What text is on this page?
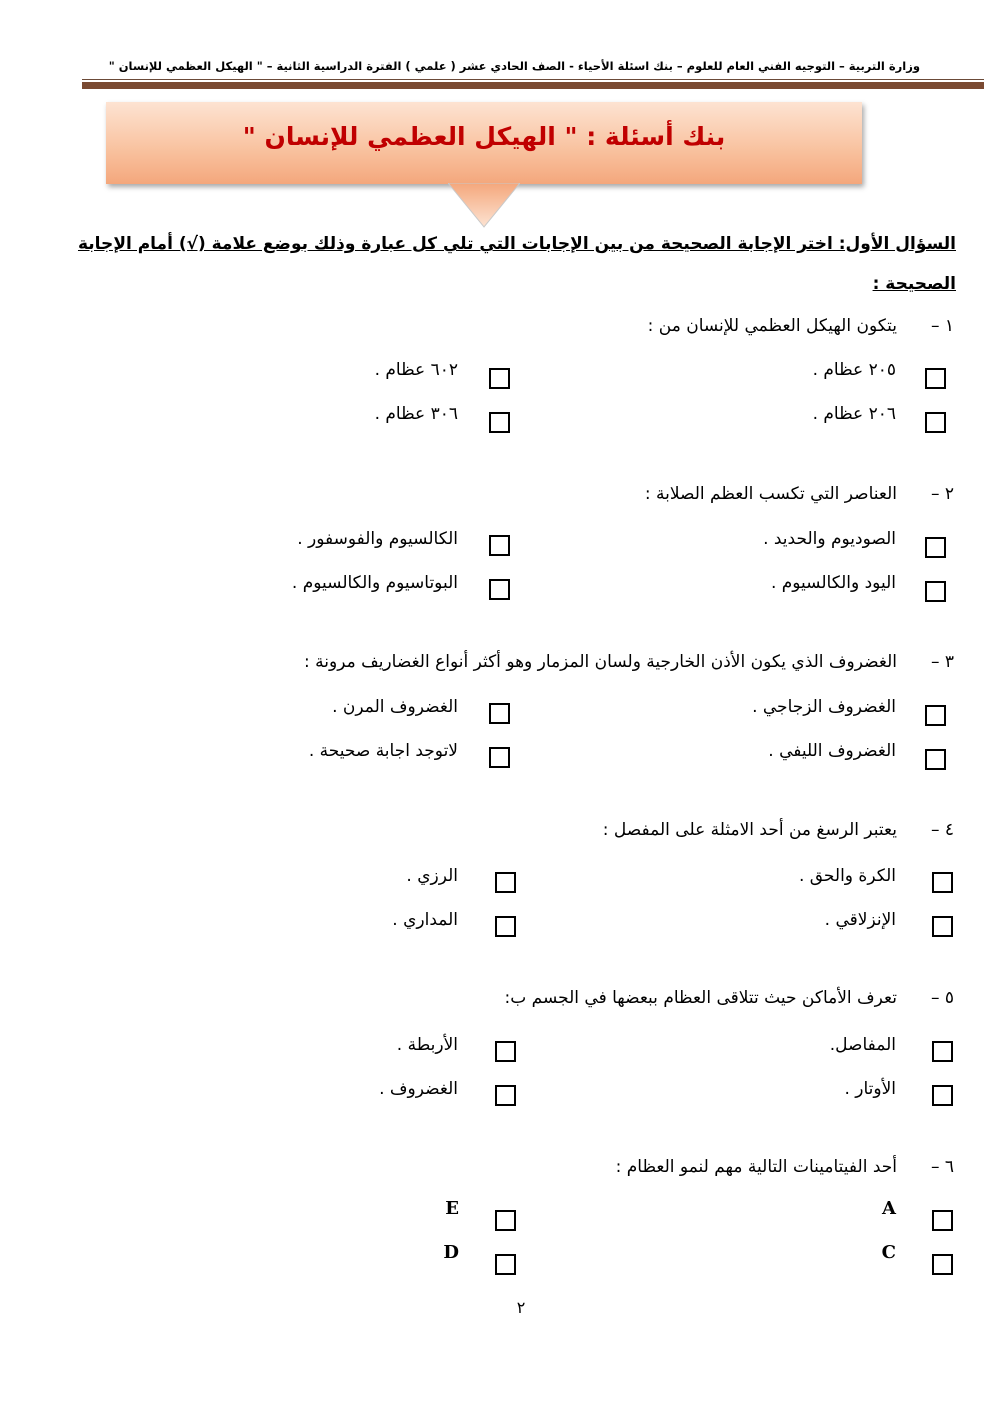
وزارة التربية – التوجيه الفني العام للعلوم – بنك اسئلة الأحياء - الصف الحادي عشر ( علمي ) الفترة الدراسية الثانية – " الهيكل العظمي للإنسان "
بنك أسئلة : " الهيكل العظمي للإنسان "
السؤال الأول: اختر الإجابة الصحيحة من بين الإجابات التي تلي كل عبارة وذلك بوضع علامة (√) أمام الإجابة
الصحيحة :
١ –
يتكون الهيكل العظمي للإنسان من :
٢٠٥ عظام .
٦٠٢ عظام .
٢٠٦ عظام .
٣٠٦ عظام .
٢ –
العناصر التي تكسب العظم الصلابة :
الصوديوم والحديد .
الكالسيوم والفوسفور .
اليود والكالسيوم .
البوتاسيوم والكالسيوم .
٣ –
الغضروف الذي يكون الأذن الخارجية ولسان المزمار وهو أكثر أنواع الغضاريف مرونة :
الغضروف الزجاجي .
الغضروف المرن .
الغضروف الليفي .
لاتوجد اجابة صحيحة .
٤ –
يعتبر الرسغ من أحد الامثلة على المفصل :
الكرة والحق .
الرزي .
الإنزلاقي .
المداري .
٥ –
تعرف الأماكن حيث تتلاقى العظام ببعضها في الجسم ب:
المفاصل.
الأربطة .
الأوتار .
الغضروف .
٦ –
أحد الفيتامينات التالية مهم لنمو العظام :
A
E
C
D
٢
